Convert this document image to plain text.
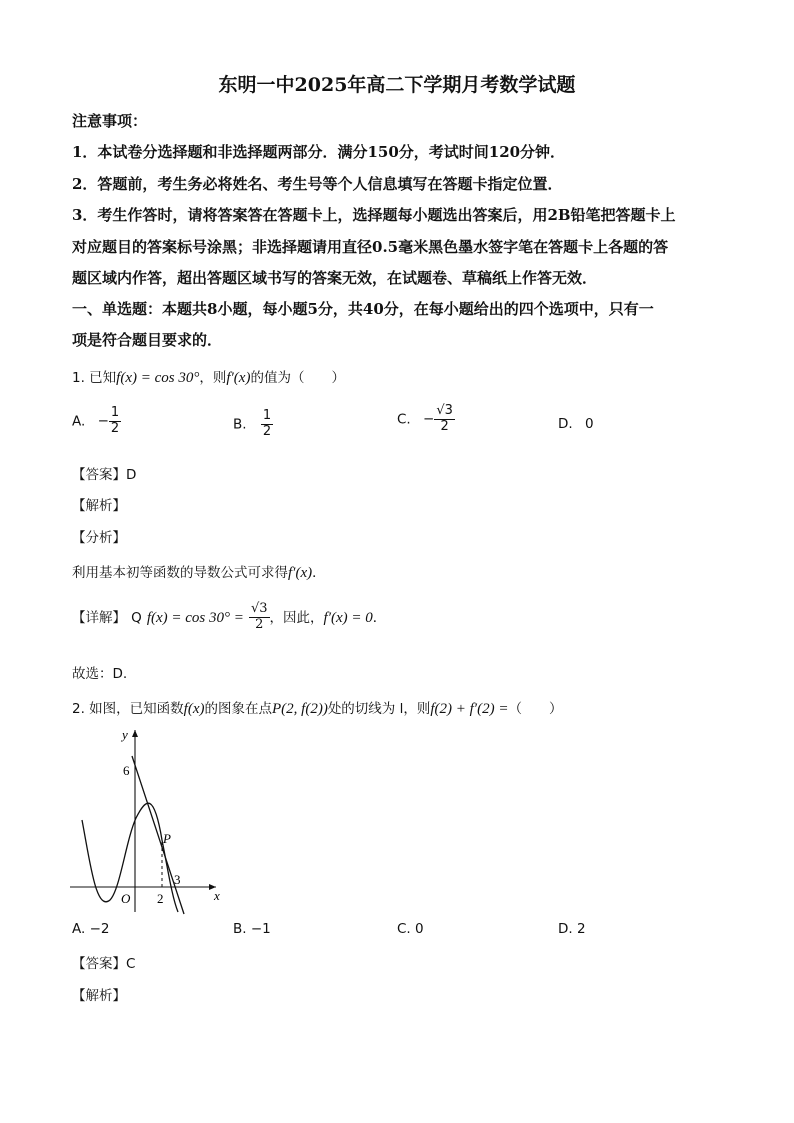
东明一中2025年高二下学期月考数学试题
注意事项：
1．本试卷分选择题和非选择题两部分．满分150分，考试时间120分钟．
2．答题前，考生务必将姓名、考生号等个人信息填写在答题卡指定位置．
3．考生作答时，请将答案答在答题卡上，选择题每小题选出答案后，用2B铅笔把答题卡上
对应题目的答案标号涂黑；非选择题请用直径0.5毫米黑色墨水签字笔在答题卡上各题的答
题区域内作答，超出答题区域书写的答案无效，在试题卷、草稿纸上作答无效．
一、单选题：本题共8小题，每小题5分，共40分，在每小题给出的四个选项中，只有一
项是符合题目要求的．
1. 已知f(x) = cos 30°，则f′(x)的值为（　　）
A. − $\frac{1}{2}$	B. $\frac{1}{2}$	C. − $\frac{√3}{2}$	D. 0
【答案】D
【解析】
【分析】
利用基本初等函数的导数公式可求得f′(x)．
【详解】 Q $f(x) = \cos 30^\circ = \frac{√3}{2}$ ，因此，f′(x) = 0．
故选：D.
2. 如图，已知函数f(x)的图象在点P(2, f(2))处的切线为 l，则f(2) + f′(2) =（　　）
y
x
O
6
2
3
P
A. −2	B. −1	C. 0	D. 2
【答案】C
【解析】
